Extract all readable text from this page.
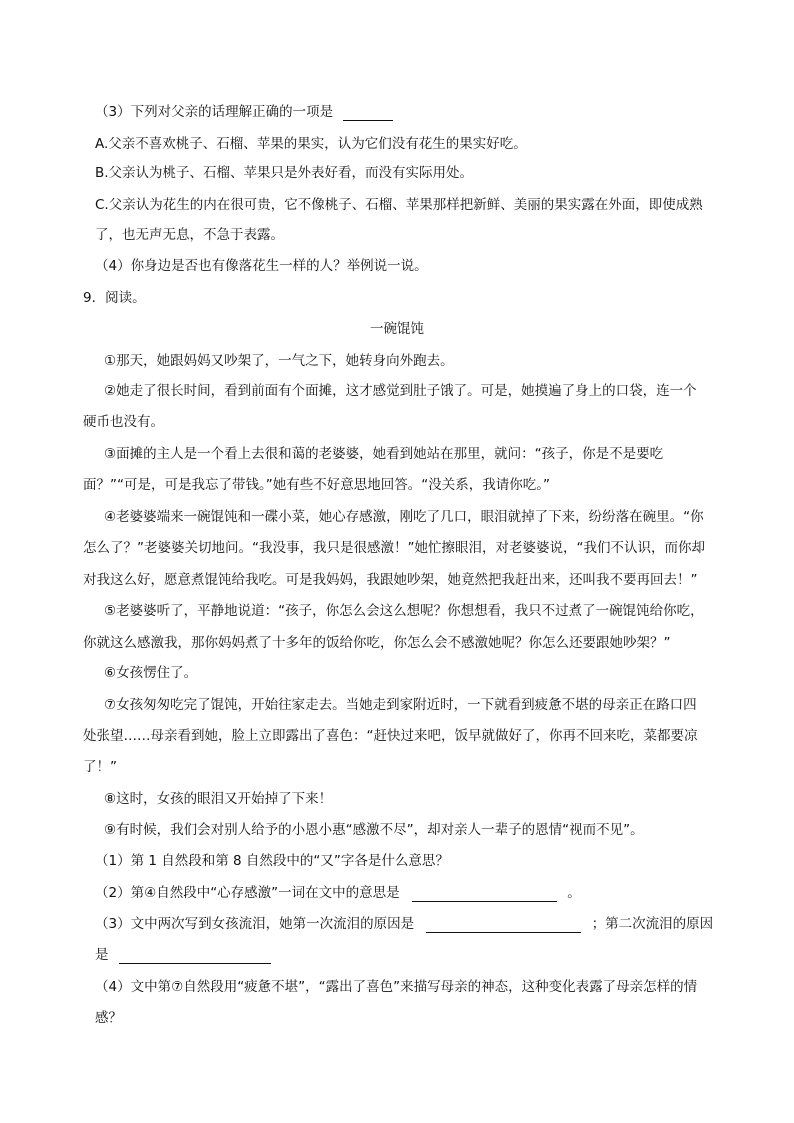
（3）下列对父亲的话理解正确的一项是
A.父亲不喜欢桃子、石榴、苹果的果实，认为它们没有花生的果实好吃。
B.父亲认为桃子、石榴、苹果只是外表好看，而没有实际用处。
C.父亲认为花生的内在很可贵，它不像桃子、石榴、苹果那样把新鲜、美丽的果实露在外面，即使成熟
了，也无声无息，不急于表露。
（4）你身边是否也有像落花生一样的人？举例说一说。
9．阅读。
一碗馄饨
①那天，她跟妈妈又吵架了，一气之下，她转身向外跑去。
②她走了很长时间，看到前面有个面摊，这才感觉到肚子饿了。可是，她摸遍了身上的口袋，连一个
硬币也没有。
③面摊的主人是一个看上去很和蔼的老婆婆，她看到她站在那里，就问：“孩子，你是不是要吃
面？”“可是，可是我忘了带钱。”她有些不好意思地回答。“没关系，我请你吃。”
④老婆婆端来一碗馄饨和一碟小菜，她心存感激，刚吃了几口，眼泪就掉了下来，纷纷落在碗里。“你
怎么了？”老婆婆关切地问。“我没事，我只是很感激！”她忙擦眼泪，对老婆婆说，“我们不认识，而你却
对我这么好，愿意煮馄饨给我吃。可是我妈妈，我跟她吵架，她竟然把我赶出来，还叫我不要再回去！”
⑤老婆婆听了，平静地说道：“孩子，你怎么会这么想呢？你想想看，我只不过煮了一碗馄饨给你吃，
你就这么感激我，那你妈妈煮了十多年的饭给你吃，你怎么会不感激她呢？你怎么还要跟她吵架？”
⑥女孩愣住了。
⑦女孩匆匆吃完了馄饨，开始往家走去。当她走到家附近时，一下就看到疲惫不堪的母亲正在路口四
处张望……母亲看到她，脸上立即露出了喜色：“赶快过来吧，饭早就做好了，你再不回来吃，菜都要凉
了！”
⑧这时，女孩的眼泪又开始掉了下来！
⑨有时候，我们会对别人给予的小恩小惠“感激不尽”，却对亲人一辈子的恩情“视而不见”。
（1）第 1 自然段和第 8 自然段中的“又”字各是什么意思？
（2）第④自然段中“心存感激”一词在文中的意思是	。
（3）文中两次写到女孩流泪，她第一次流泪的原因是	；第二次流泪的原因
是
（4）文中第⑦自然段用“疲惫不堪”，“露出了喜色”来描写母亲的神态，这种变化表露了母亲怎样的情
感？
